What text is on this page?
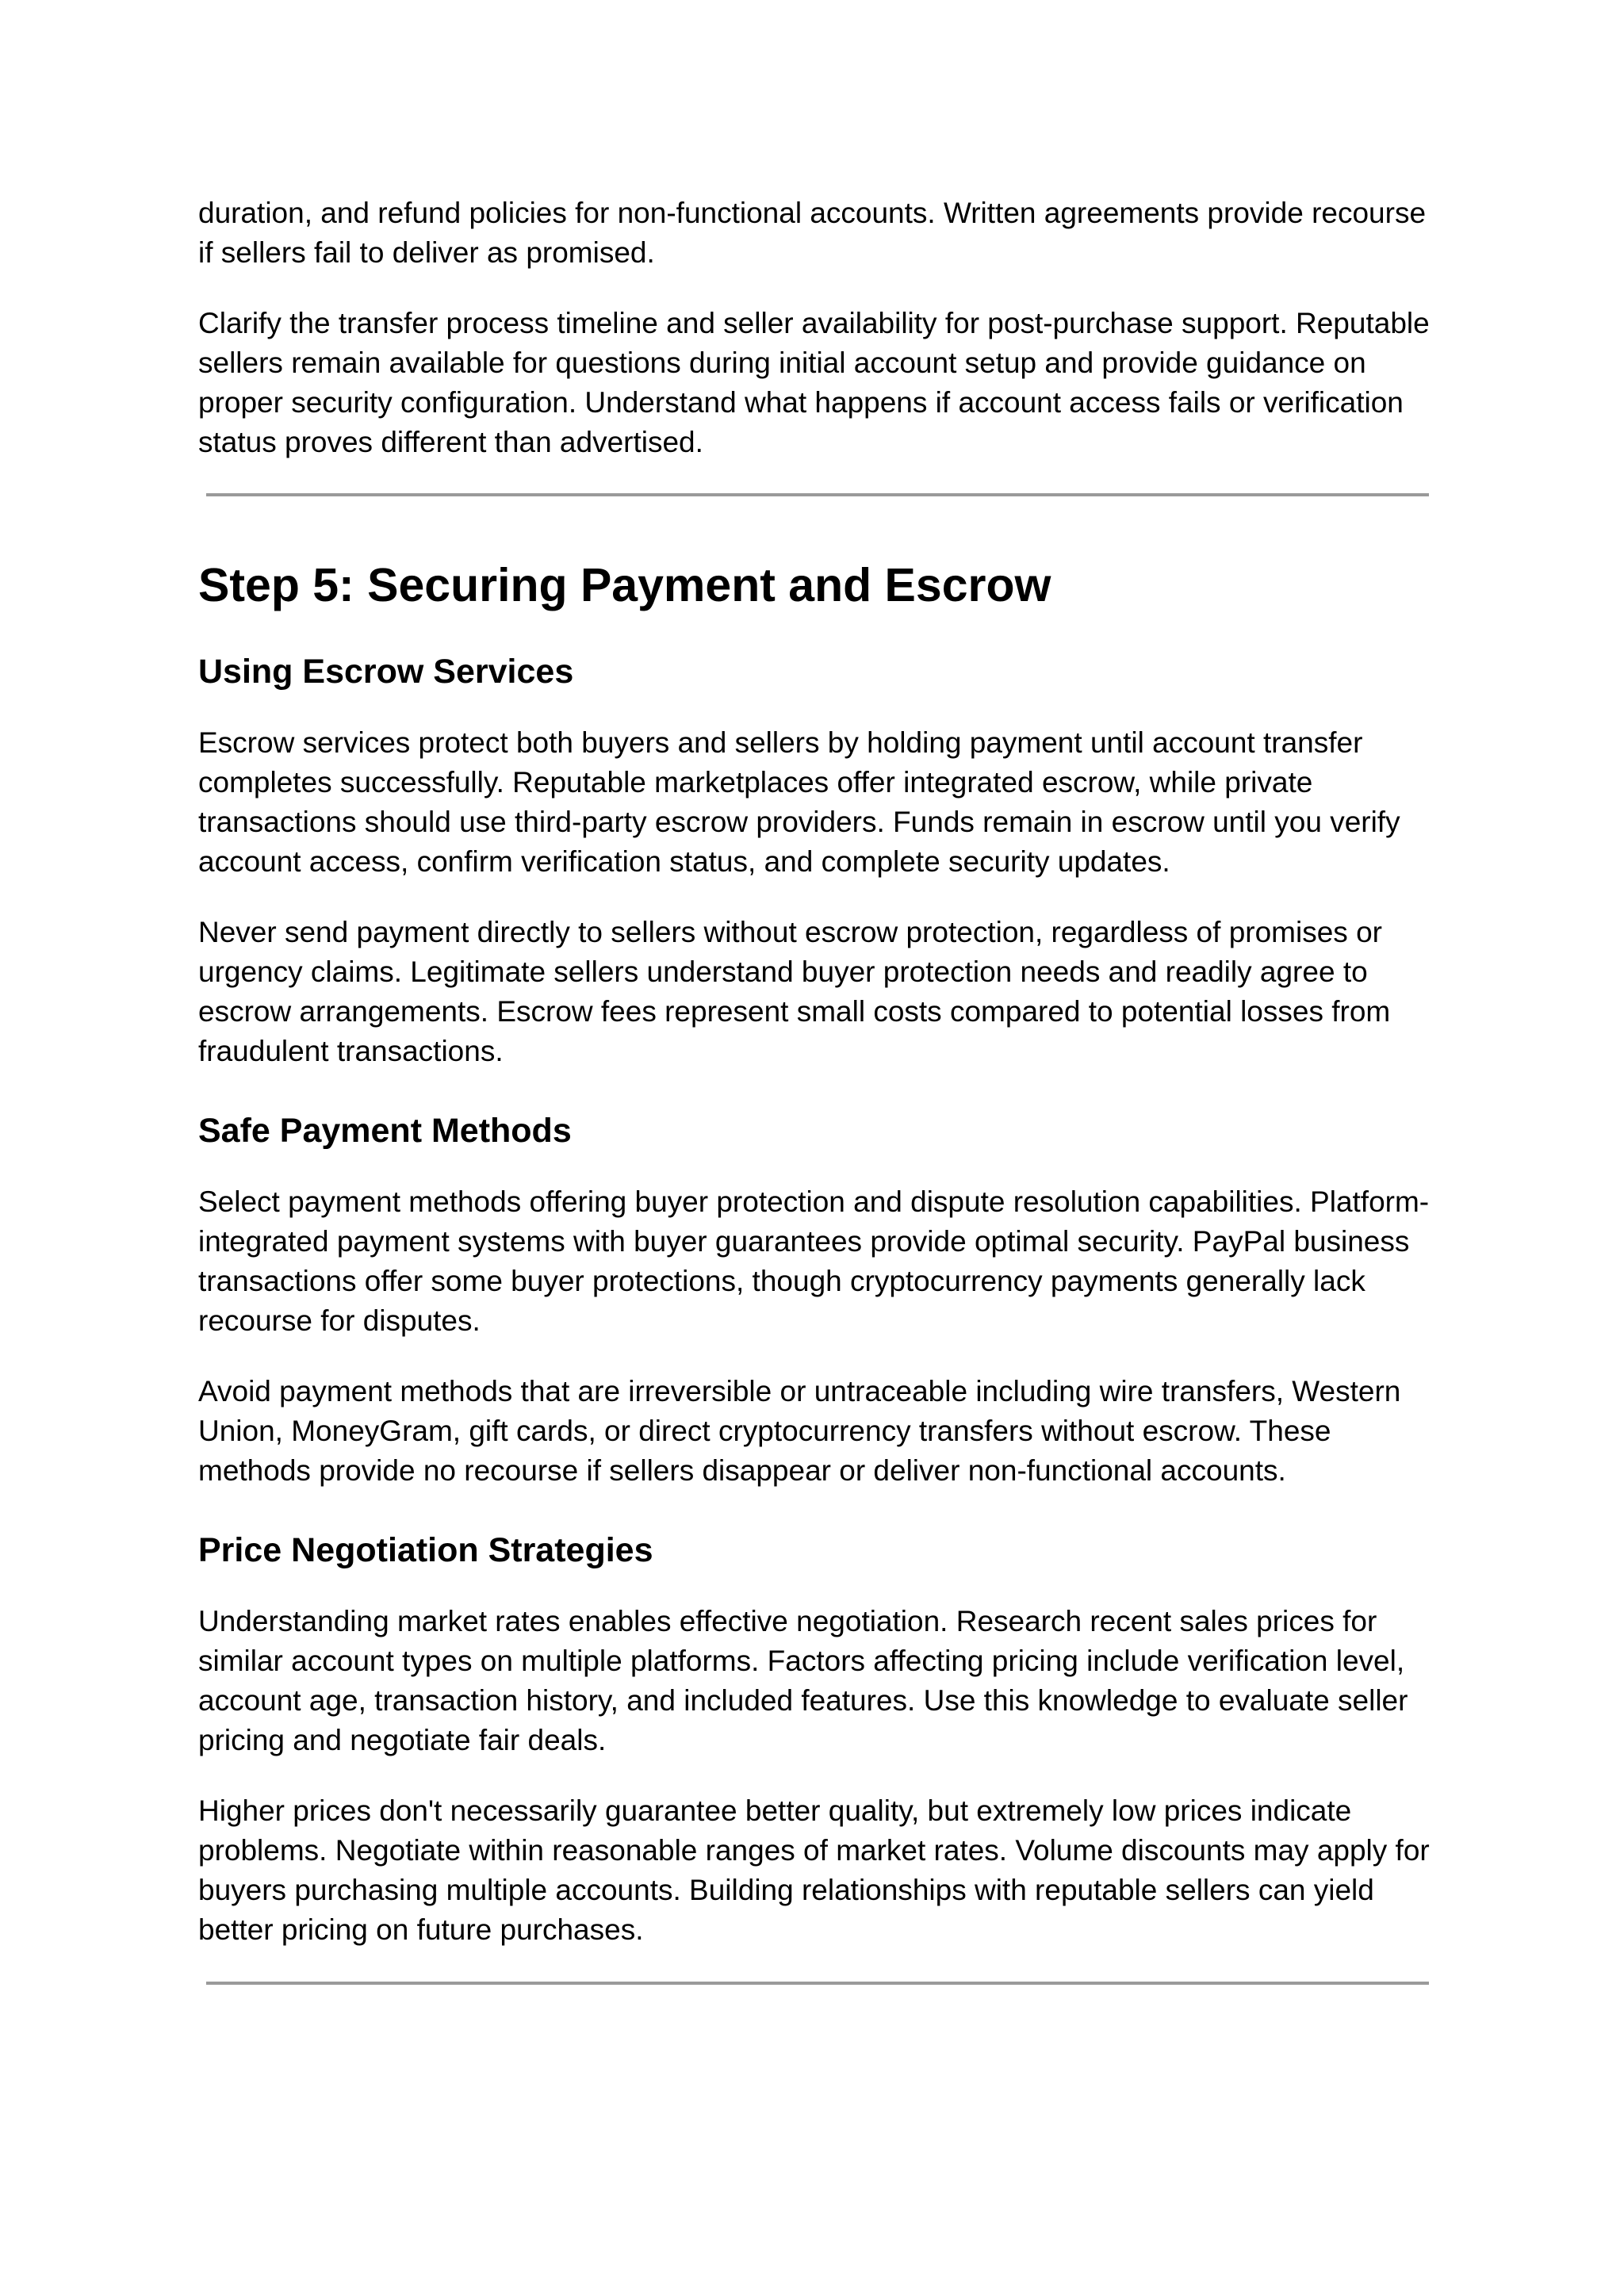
duration, and refund policies for non-functional accounts. Written agreements provide recourse if sellers fail to deliver as promised.

Clarify the transfer process timeline and seller availability for post-purchase support. Reputable sellers remain available for questions during initial account setup and provide guidance on proper security configuration. Understand what happens if account access fails or verification status proves different than advertised.

Step 5: Securing Payment and Escrow
Using Escrow Services

Escrow services protect both buyers and sellers by holding payment until account transfer completes successfully. Reputable marketplaces offer integrated escrow, while private transactions should use third-party escrow providers. Funds remain in escrow until you verify account access, confirm verification status, and complete security updates.

Never send payment directly to sellers without escrow protection, regardless of promises or urgency claims. Legitimate sellers understand buyer protection needs and readily agree to escrow arrangements. Escrow fees represent small costs compared to potential losses from fraudulent transactions.

Safe Payment Methods

Select payment methods offering buyer protection and dispute resolution capabilities. Platform-integrated payment systems with buyer guarantees provide optimal security. PayPal business transactions offer some buyer protections, though cryptocurrency payments generally lack recourse for disputes.

Avoid payment methods that are irreversible or untraceable including wire transfers, Western Union, MoneyGram, gift cards, or direct cryptocurrency transfers without escrow. These methods provide no recourse if sellers disappear or deliver non-functional accounts.

Price Negotiation Strategies

Understanding market rates enables effective negotiation. Research recent sales prices for similar account types on multiple platforms. Factors affecting pricing include verification level, account age, transaction history, and included features. Use this knowledge to evaluate seller pricing and negotiate fair deals.

Higher prices don't necessarily guarantee better quality, but extremely low prices indicate problems. Negotiate within reasonable ranges of market rates. Volume discounts may apply for buyers purchasing multiple accounts. Building relationships with reputable sellers can yield better pricing on future purchases.
